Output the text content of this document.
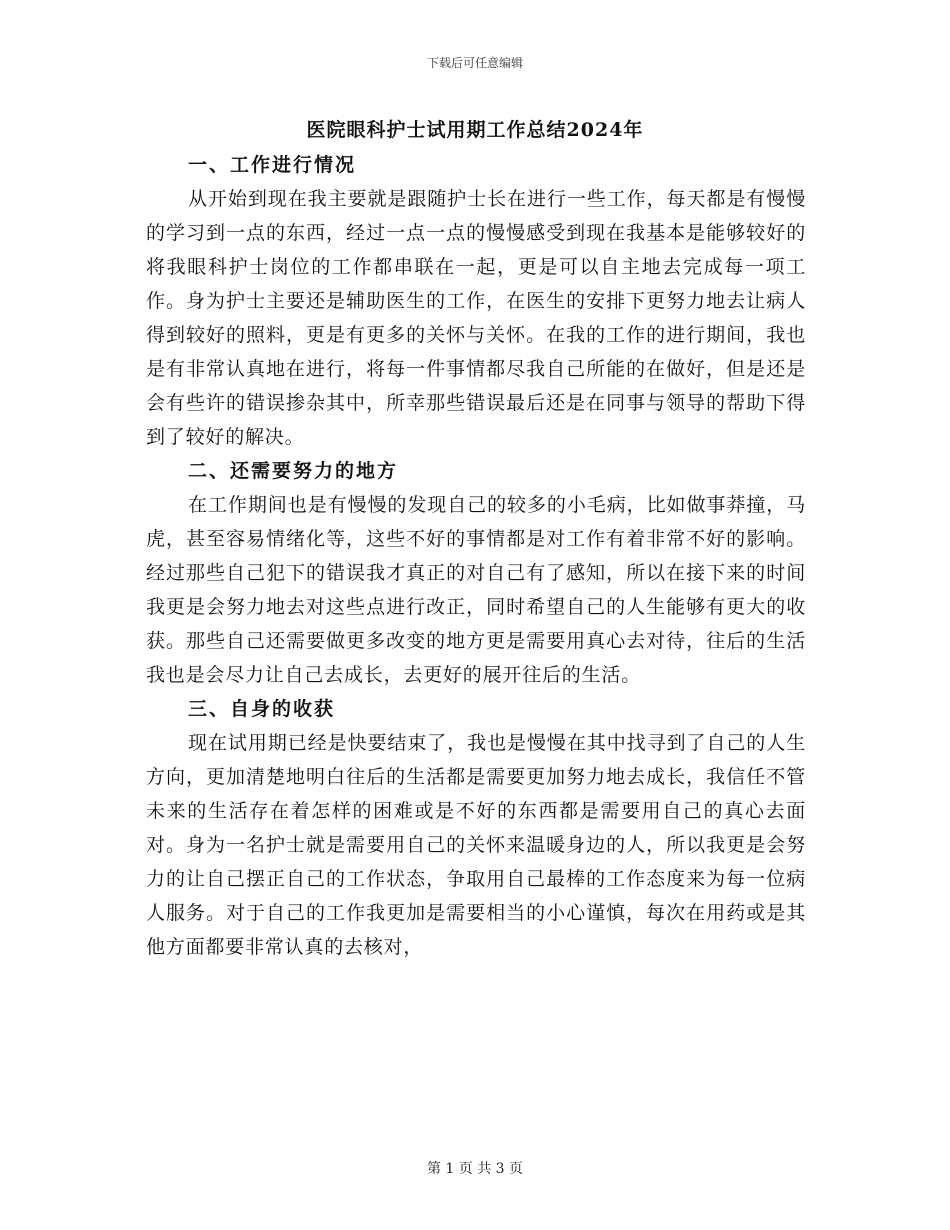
下载后可任意编辑
医院眼科护士试用期工作总结2024年
一、工作进行情况

从开始到现在我主要就是跟随护士长在进行一些工作，每天都是有慢慢的学习到一点的东西，经过一点一点的慢慢感受到现在我基本是能够较好的将我眼科护士岗位的工作都串联在一起，更是可以自主地去完成每一项工作。身为护士主要还是辅助医生的工作，在医生的安排下更努力地去让病人得到较好的照料，更是有更多的关怀与关怀。在我的工作的进行期间，我也是有非常认真地在进行，将每一件事情都尽我自己所能的在做好，但是还是会有些许的错误掺杂其中，所幸那些错误最后还是在同事与领导的帮助下得到了较好的解决。

二、还需要努力的地方

在工作期间也是有慢慢的发现自己的较多的小毛病，比如做事莽撞，马虎，甚至容易情绪化等，这些不好的事情都是对工作有着非常不好的影响。经过那些自己犯下的错误我才真正的对自己有了感知，所以在接下来的时间我更是会努力地去对这些点进行改正，同时希望自己的人生能够有更大的收获。那些自己还需要做更多改变的地方更是需要用真心去对待，往后的生活我也是会尽力让自己去成长，去更好的展开往后的生活。

三、自身的收获

现在试用期已经是快要结束了，我也是慢慢在其中找寻到了自己的人生方向，更加清楚地明白往后的生活都是需要更加努力地去成长，我信任不管未来的生活存在着怎样的困难或是不好的东西都是需要用自己的真心去面对。身为一名护士就是需要用自己的关怀来温暖身边的人，所以我更是会努力的让自己摆正自己的工作状态，争取用自己最棒的工作态度来为每一位病人服务。对于自己的工作我更加是需要相当的小心谨慎，每次在用药或是其他方面都要非常认真的去核对，

第 1 页 共 3 页
